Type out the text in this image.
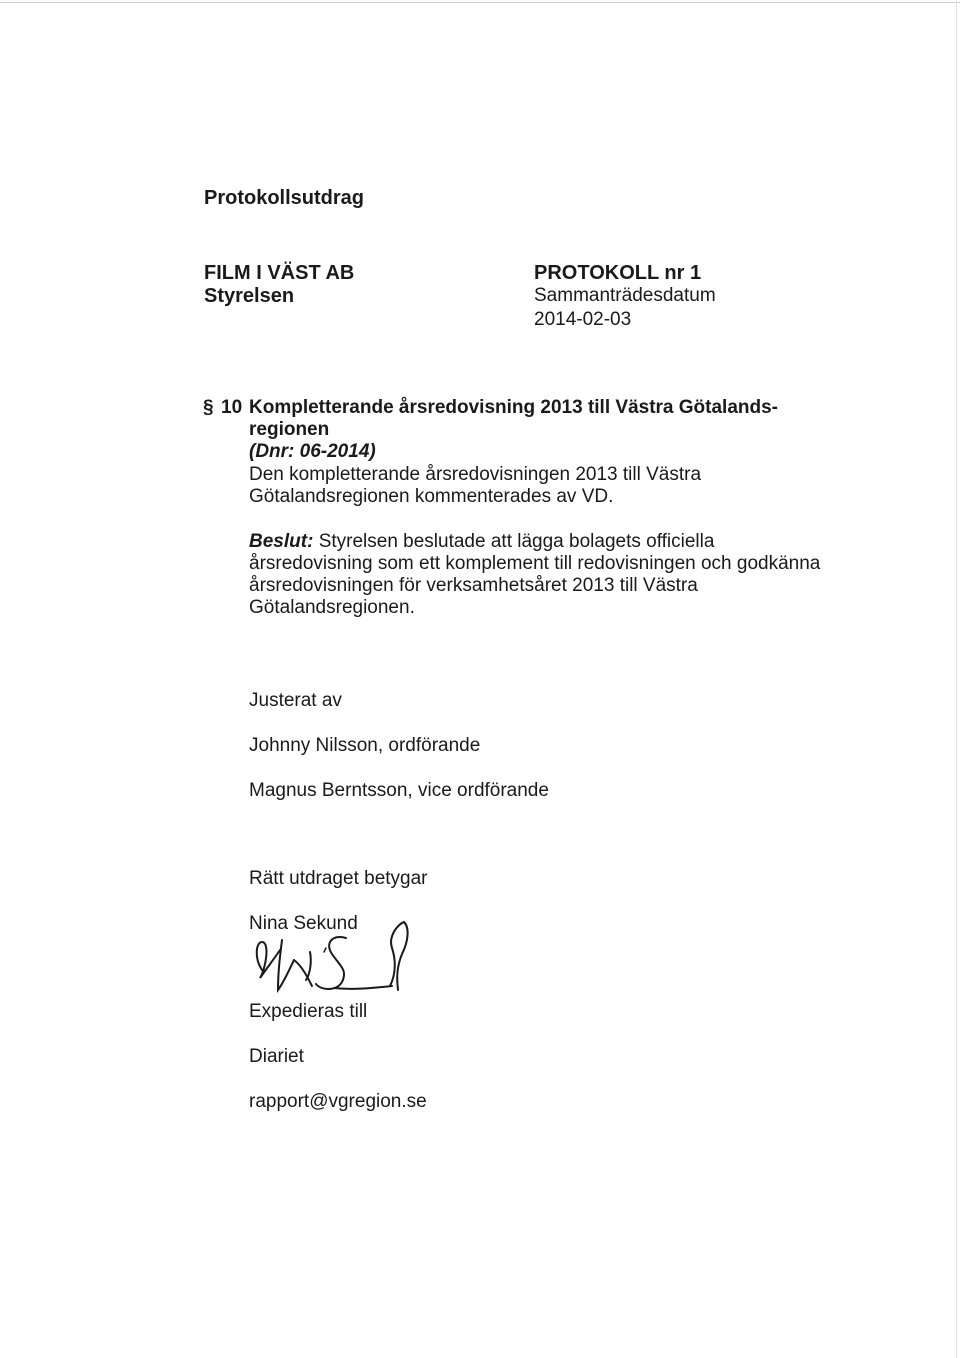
Protokollsutdrag
FILM I VÄST AB
Styrelsen
PROTOKOLL nr 1
Sammanträdesdatum
2014-02-03
§ 10 Kompletterande årsredovisning 2013 till Västra Götalands-
regionen
(Dnr: 06-2014)
Den kompletterande årsredovisningen 2013 till Västra
Götalandsregionen kommenterades av VD.
Beslut: Styrelsen beslutade att lägga bolagets officiella
årsredovisning som ett komplement till redovisningen och godkänna
årsredovisningen för verksamhetsåret 2013 till Västra
Götalandsregionen.
Justerat av
Johnny Nilsson, ordförande
Magnus Berntsson, vice ordförande
Rätt utdraget betygar
Nina Sekund
Expedieras till
Diariet
rapport@vgregion.se
